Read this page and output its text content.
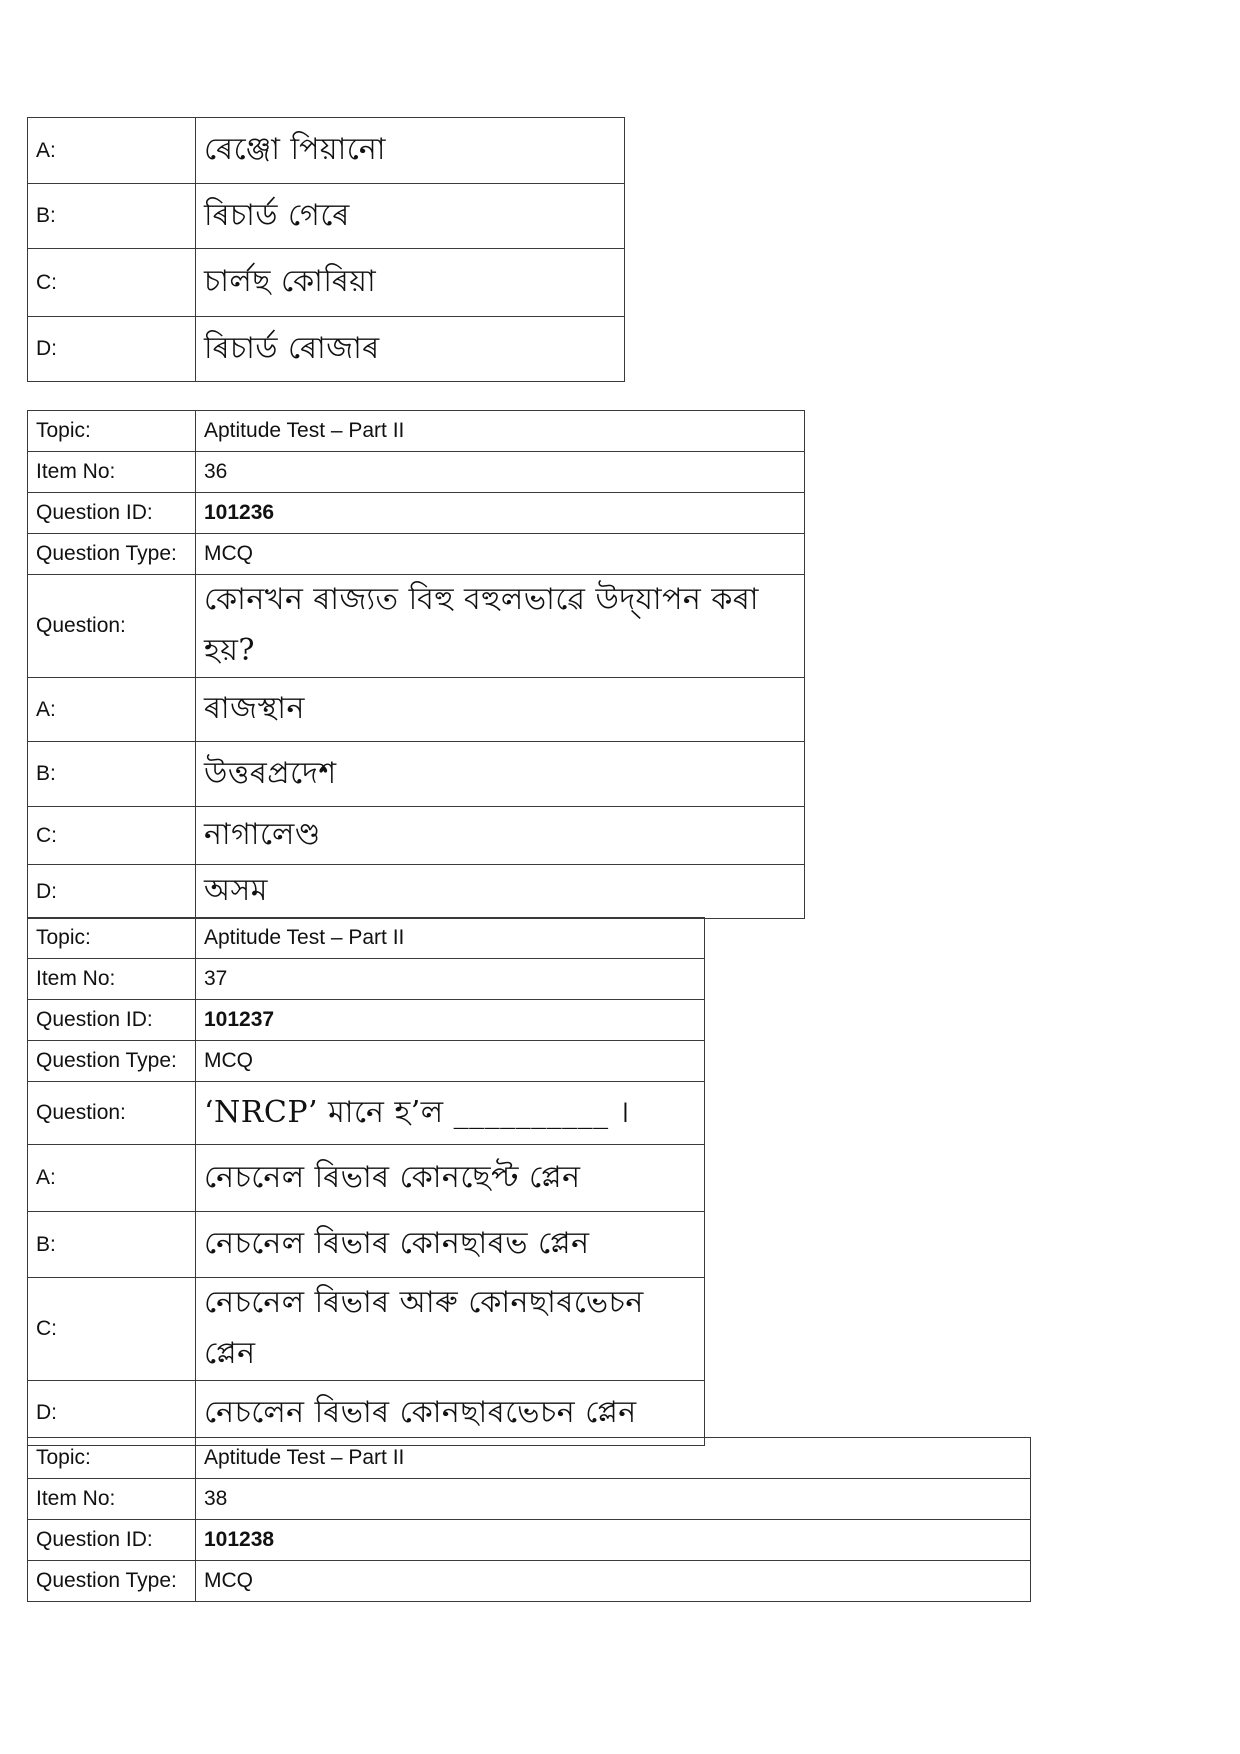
A:	ৰেঞ্জো পিয়ানো
B:	ৰিচাৰ্ড গেৰে
C:	চাৰ্লছ কোৰিয়া
D:	ৰিচাৰ্ড ৰোজাৰ
Topic:	Aptitude Test – Part II
Item No:	36
Question ID:	101236
Question Type:	MCQ
Question:	কোনখন ৰাজ্যত বিহু বহুলভাৱে উদ্‌যাপন কৰা হয়?
A:	ৰাজস্থান
B:	উত্তৰপ্ৰদেশ
C:	নাগালেণ্ড
D:	অসম
Topic:	Aptitude Test – Part II
Item No:	37
Question ID:	101237
Question Type:	MCQ
Question:	‘NRCP’ মানে হ’ল __________ ।
A:	নেচনেল ৰিভাৰ কোনছেপ্ট প্লেন
B:	নেচনেল ৰিভাৰ কোনছাৰভ প্লেন
C:	নেচনেল ৰিভাৰ আৰু কোনছাৰভেচন প্লেন
D:	নেচলেন ৰিভাৰ কোনছাৰভেচন প্লেন
Topic:	Aptitude Test – Part II
Item No:	38
Question ID:	101238
Question Type:	MCQ
